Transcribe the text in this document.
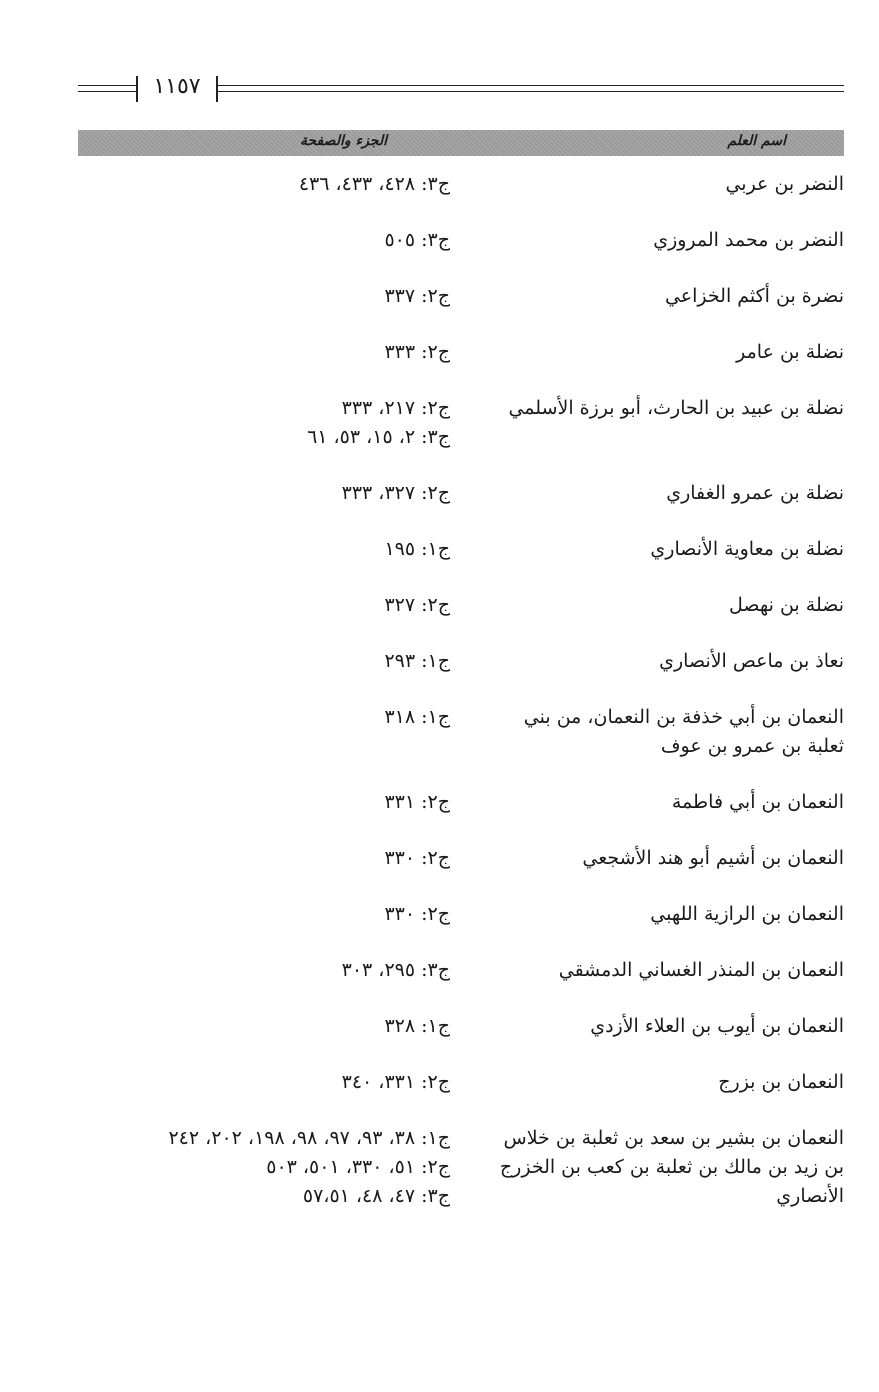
١١٥٧
اسم العلم
الجزء والصفحة
النضر بن عربي
ج٣: ٤٢٨، ٤٣٣، ٤٣٦
النضر بن محمد المروزي
ج٣: ٥٠٥
نضرة بن أكثم الخزاعي
ج٢: ٣٣٧
نضلة بن عامر
ج٢: ٣٣٣
نضلة بن عبيد بن الحارث، أبو برزة الأسلمي
ج٢: ٢١٧، ٣٣٣
ج٣: ٢، ١٥، ٥٣، ٦١
نضلة بن عمرو الغفاري
ج٢: ٣٢٧، ٣٣٣
نضلة بن معاوية الأنصاري
ج١: ١٩٥
نضلة بن نهصل
ج٢: ٣٢٧
نعاذ بن ماعص الأنصاري
ج١: ٢٩٣
النعمان بن أبي خذفة بن النعمان، من بني ثعلبة بن عمرو بن عوف
ج١: ٣١٨
النعمان بن أبي فاطمة
ج٢: ٣٣١
النعمان بن أشيم أبو هند الأشجعي
ج٢: ٣٣٠
النعمان بن الرازية اللهبي
ج٢: ٣٣٠
النعمان بن المنذر الغساني الدمشقي
ج٣: ٢٩٥، ٣٠٣
النعمان بن أيوب بن العلاء الأزدي
ج١: ٣٢٨
النعمان بن بزرج
ج٢: ٣٣١، ٣٤٠
النعمان بن بشير بن سعد بن ثعلبة بن خلاس بن زيد بن مالك بن ثعلبة بن كعب بن الخزرج الأنصاري
ج١: ٣٨، ٩٣، ٩٧، ٩٨، ١٩٨، ٢٠٢، ٢٤٢
ج٢: ٥١، ٣٣٠، ٥٠١، ٥٠٣
ج٣: ٤٧، ٤٨، ٥٧،٥١
